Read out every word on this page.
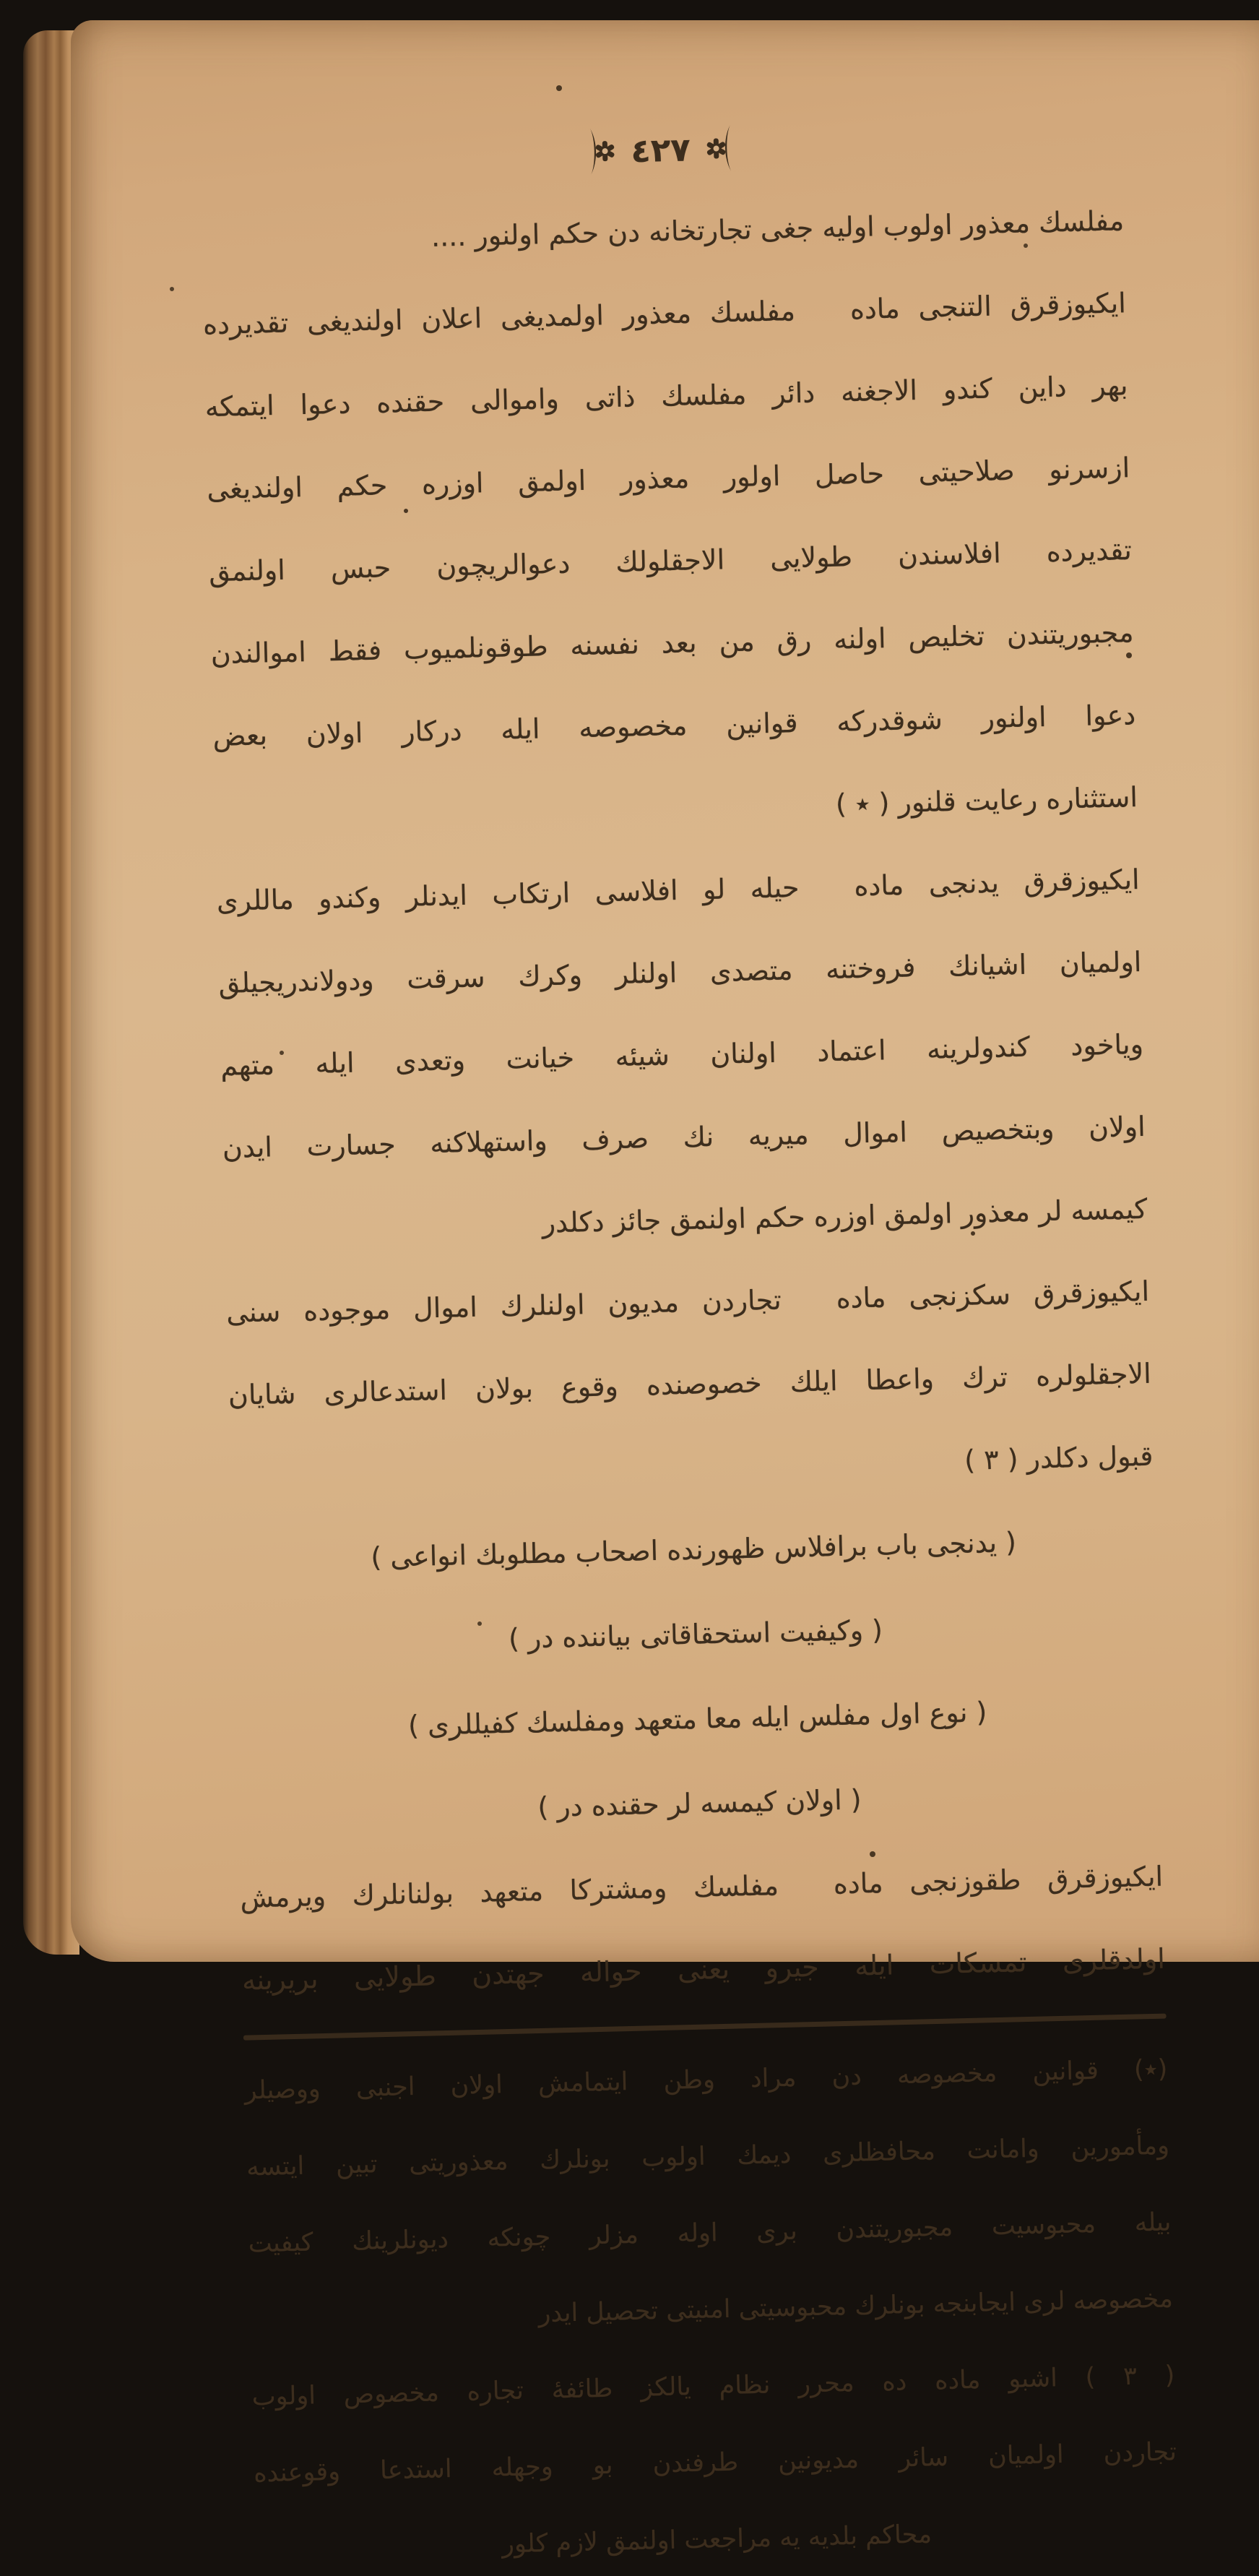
٤٢٧

مفلسك معذور اولوب اوليه جغى تجارتخانه دن حكم اولنور ....

ايكيوزقرق التنجى ماده  مفلسك معذور اولمديغى اعلان اولنديغى تقديرده

بهر داين كندو الاجغنه دائر مفلسك ذاتى واموالى حقنده دعوا ايتمكه

ازسرنو صلاحيتى حاصل اولور معذور اولمق اوزره حكم اولنديغى

تقديرده افلاسندن طولايى الاجقلولك دعوالريچون حبس اولنمق

مجبوريتندن تخليص اولنه رق من بعد نفسنه طوقونلميوب فقط اموالندن

دعوا اولنور شوقدركه قوانين مخصوصه ايله دركار اولان بعض

استثناره رعايت قلنور ( ٭ )

ايكيوزقرق يدنجى ماده  حيله لو افلاسى ارتكاب ايدنلر وكندو ماللرى

اولميان اشيانك فروختنه متصدى اولنلر وكرك سرقت ودولاندريجيلق

وياخود كندولرينه اعتماد اولنان شيئه خيانت وتعدى ايله متهم

اولان وبتخصيص اموال ميريه نك صرف واستهلاكنه جسارت ايدن

كيمسه لر معذور اولمق اوزره حكم اولنمق جائز دكلدر

ايكيوزقرق سكزنجى ماده  تجاردن مديون اولنلرك اموال موجوده سنى

الاجقلولره ترك واعطا ايلك خصوصنده وقوع بولان استدعالرى شايان

قبول دكلدر ( ٣ )

( يدنجى باب برافلاس ظهورنده اصحاب مطلوبك انواعى )

( وكيفيت استحقاقاتى بياننده در )

( نوع اول مفلس ايله معا متعهد ومفلسك كفيللرى )

( اولان كيمسه لر حقنده در )

ايكيوزقرق طقوزنجى ماده  مفلسك ومشتركا متعهد بولنانلرك ويرمش

اولدقلرى تمسكات ايله جيرو يعنى حواله جهتدن طولايى بريرينه

(٭) قوانين مخصوصه دن مراد وطن ايتمامش اولان اجنبى ووصيلر

ومأمورين وامانت محافظلرى ديمك اولوب بونلرك معذوريتى تبين ايتسه

بيله محبوسيت مجبوريتندن برى اوله مزلر چونكه ديونلرينك كيفيت

مخصوصه لرى ايجابنجه بونلرك محبوسيتى امنيتى تحصيل ايدر

( ٣ ) اشبو ماده ده محرر نظام يالكز طائفهٔ تجاره مخصوص اولوب

تجاردن اولميان سائر مديونين طرفندن بو وجهله استدعا وقوعنده

محاكم بلديه يه مراجعت اولنمق لازم كلور
